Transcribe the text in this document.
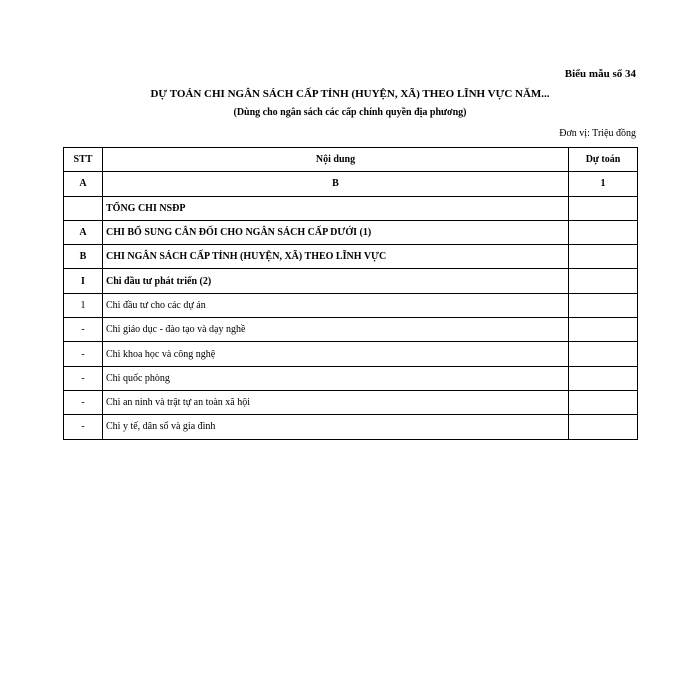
Biểu mẫu số 34
DỰ TOÁN CHI NGÂN SÁCH CẤP TỈNH (HUYỆN, XÃ) THEO LĨNH VỰC NĂM...
(Dùng cho ngân sách các cấp chính quyền địa phương)
Đơn vị: Triệu đồng
STT	Nội dung	Dự toán
A	B	1
	TỔNG CHI NSĐP	
A	CHI BỔ SUNG CÂN ĐỐI CHO NGÂN SÁCH CẤP DƯỚI (1)	
B	CHI NGÂN SÁCH CẤP TỈNH (HUYỆN, XÃ) THEO LĨNH VỰC	
I	Chi đầu tư phát triển (2)	
1	Chi đầu tư cho các dự án	
-	Chi giáo dục - đào tạo và dạy nghề	
-	Chi khoa học và công nghệ	
-	Chi quốc phòng	
-	Chi an ninh và trật tự an toàn xã hội	
-	Chi y tế, dân số và gia đình	
